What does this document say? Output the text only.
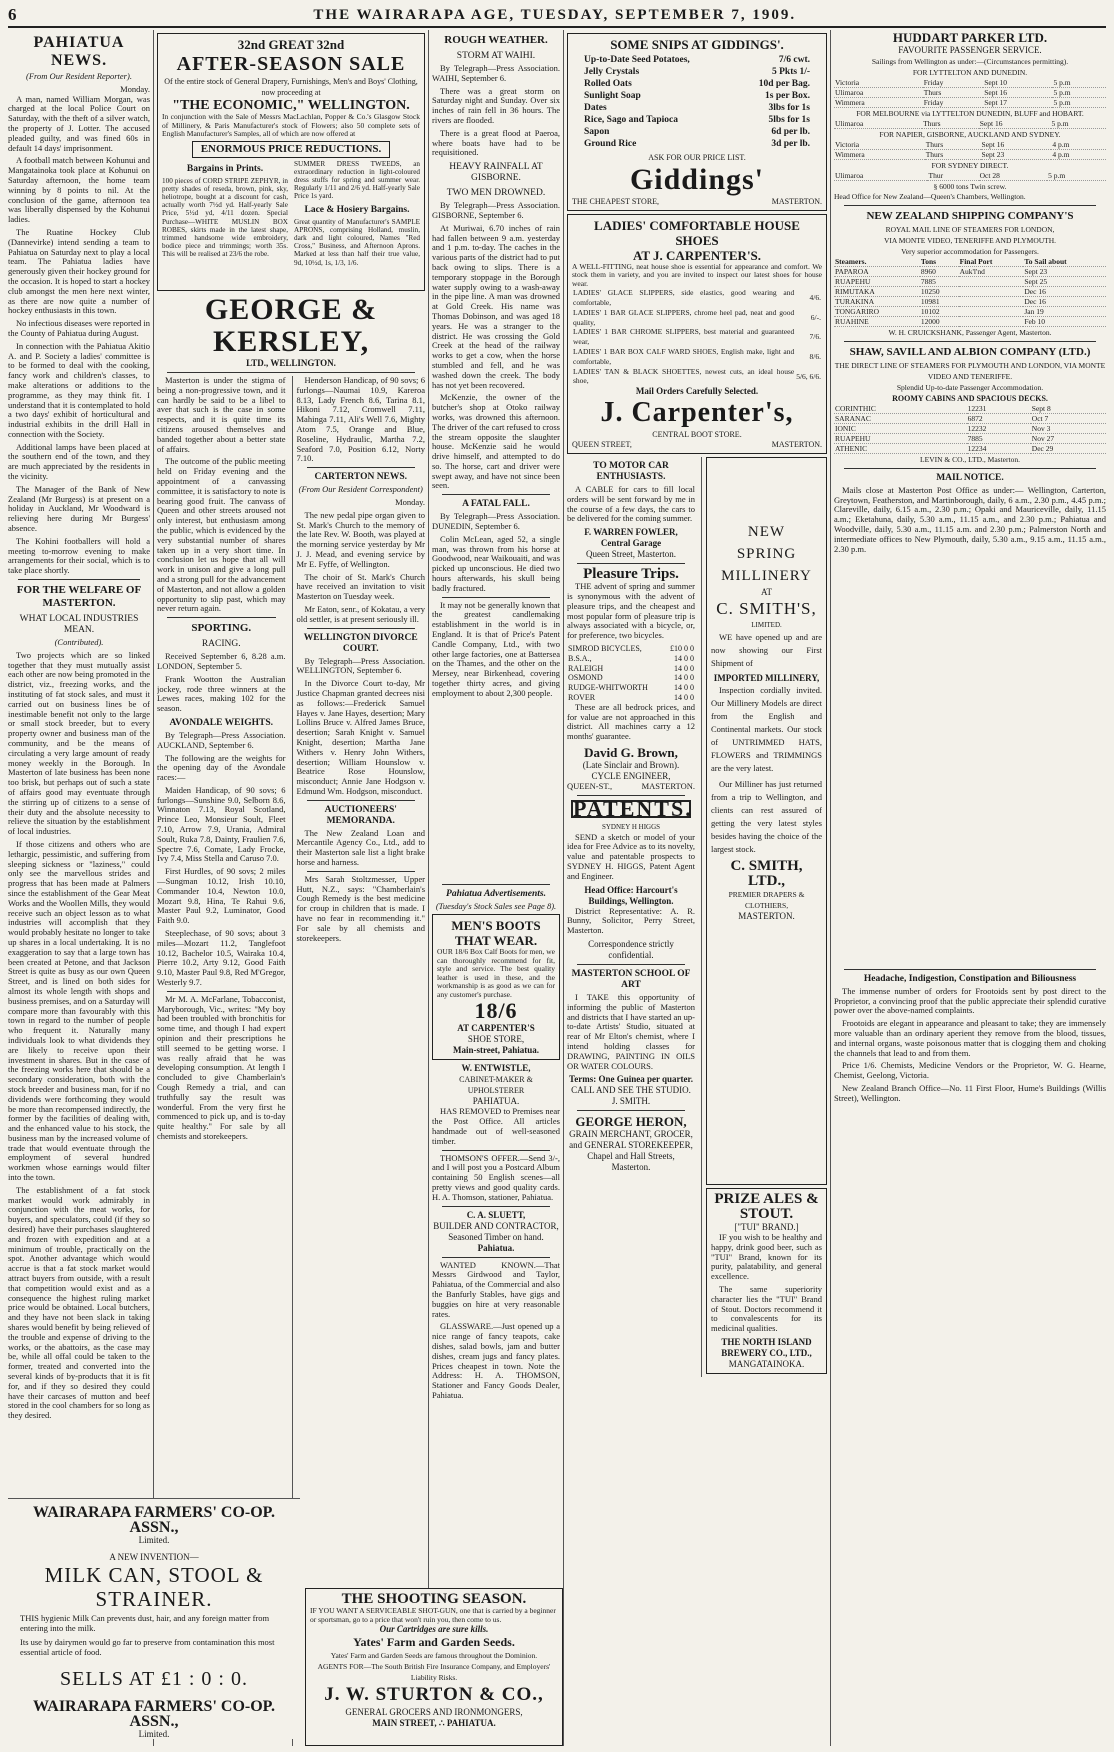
6	THE WAIRARAPA AGE, TUESDAY, SEPTEMBER 7, 1909.
PAHIATUA NEWS.
(From Our Resident Reporter).
Monday.

A man, named William Morgan, was charged at the local Police Court on Saturday, with the theft of a silver watch, the property of J. Lotter. The accused pleaded guilty, and was fined 60s in default 14 days' imprisonment.

A football match between Kohunui and Mangatainoka took place at Kohunui on Saturday afternoon, the home team winning by 8 points to nil. At the conclusion of the game, afternoon tea was liberally dispensed by the Kohunui ladies.

The Ruatine Hockey Club (Dannevirke) intend sending a team to Pahiatua on Saturday next to play a local team. The Pahiatua ladies have generously given their hockey ground for the occasion. It is hoped to start a hockey club amongst the men here next winter, as there are now quite a number of hockey enthusiasts in this town.

No infectious diseases were reported in the County of Pahiatua during August.

In connection with the Pahiatua Akitio A. and P. Society a ladies' committee is to be formed to deal with the cooking, fancy work and children's classes, to make alterations or additions to the programme, as they may think fit. I understand that it is contemplated to hold a two days' exhibit of horticultural and industrial exhibits in the drill Hall in connection with the Society.

Additional lamps have been placed at the southern end of the town, and they are much appreciated by the residents in the vicinity.

The Manager of the Bank of New Zealand (Mr Burgess) is at present on a holiday in Auckland, Mr Woodward is relieving here during Mr Burgess' absence.

The Kohini footballers will hold a meeting to-morrow evening to make arrangements for their social, which is to take place shortly.

FOR THE WELFARE OF MASTERTON.
WHAT LOCAL INDUSTRIES MEAN.
(Contributed).

Two projects which are so linked together that they must mutually assist each other are now being promoted in the district, viz., freezing works, and the instituting of fat stock sales, and must it carried out on business lines be of inestimable benefit not only to the large or small stock breeder, but to every property owner and business man of the community, and be the means of circulating a very large amount of ready money weekly in the Borough. In Masterton of late business has been none too brisk, but perhaps out of such a state of affairs good may eventuate through the stirring up of citizens to a sense of their duty and the absolute necessity to relieve the situation by the establishment of local industries.

If those citizens and others who are lethargic, pessimistic, and suffering from sleeping sickness or "laziness," could only see the marvellous strides and progress that has been made at Palmers since the establishment of the Gear Meat Works and the Woollen Mills, they would receive such an object lesson as to what industries will accomplish that they would probably hesitate no longer to take up shares in a local undertaking. It is no exaggeration to say that a large town has been created at Petone, and that Jackson Street is quite as busy as our own Queen Street, and is lined on both sides for almost its whole length with shops and business premises, and on a Saturday will compare more than favourably with this town in regard to the number of people who frequent it. Naturally many individuals look to what dividends they are likely to receive upon their investment in shares. But in the case of the freezing works here that should be a secondary consideration, both with the stock breeder and business man, for if no dividends were forthcoming they would be more than recompensed indirectly, the former by the facilities of dealing with, and the enhanced value to his stock, the business man by the increased volume of trade that would eventuate through the employment of several hundred workmen whose earnings would filter into the town.

The establishment of a fat stock market would work admirably in conjunction with the meat works, for buyers, and speculators, could (if they so desired) have their purchases slaughtered and frozen with expedition and at a minimum of trouble, practically on the spot. Another advantage which would accrue is that a fat stock market would attract buyers from outside, with a result that competition would exist and as a consequence the highest ruling market price would be obtained. Local butchers, and they have not been slack in taking shares would benefit by being relieved of the trouble and expense of driving to the works, or the abattoirs, as the case may be, while all offal could be taken to the former, treated and converted into the several kinds of by-products that it is fit for, and if they so desired they could have their carcases of mutton and beef stored in the cool chambers for so long as they desired.

32nd GREAT 32nd
AFTER-SEASON SALE
Of the entire stock of General Drapery, Furnishings, Men's and Boys' Clothing, now proceeding at
"THE ECONOMIC," WELLINGTON.
In conjunction with the Sale of Messrs MacLachlan, Popper & Co.'s Glasgow Stock of Millinery, & Paris Manufacturer's stock of Flowers; also 50 complete sets of English Manufacturer's Samples, all of which are now offered at
ENORMOUS PRICE REDUCTIONS.
Bargains in Prints.
100 pieces of CORD STRIPE ZEPHYR, in pretty shades of reseda, brown, pink, sky, heliotrope, bought at a discount for cash, actually worth 7½d yd. Half-yearly Sale Price, 5½d yd, 4/11 dozen. Special Purchase—WHITE MUSLIN BOX ROBES, skirts made in the latest shape, trimmed handsome wide embroidery, bodice piece and trimmings; worth 35s. This will be realised at 23/6 the robe.
SUMMER DRESS TWEEDS, an extraordinary reduction in light-coloured dress stuffs for spring and summer wear. Regularly 1/11 and 2/6 yd. Half-yearly Sale Price 1s yard.
Lace & Hosiery Bargains.
Great quantity of Manufacturer's SAMPLE APRONS, comprising Holland, muslin, dark and light coloured, Names "Red Cross," Business, and Afternoon Aprons. Marked at less than half their true value, 9d, 10½d, 1s, 1/3, 1/6.
GEORGE & KERSLEY,
LTD., WELLINGTON.

Masterton is under the stigma of being a non-progressive town, and it can hardly be said to be a libel to aver that such is the case in some respects, and it is quite time its citizens aroused themselves and banded together about a better state of affairs.

The outcome of the public meeting held on Friday evening and the appointment of a canvassing committee, it is satisfactory to note is bearing good fruit. The canvass of Queen and other streets aroused not only interest, but enthusiasm among the public, which is evidenced by the very substantial number of shares taken up in a very short time. In conclusion let us hope that all will work in unison and give a long pull and a strong pull for the advancement of Masterton, and not allow a golden opportunity to slip past, which may never return again.

SPORTING.
RACING.

Received September 6, 8.28 a.m. LONDON, September 5.

Frank Wootton the Australian jockey, rode three winners at the Lewes races, making 102 for the season.

AVONDALE WEIGHTS.

By Telegraph—Press Association. AUCKLAND, September 6.

The following are the weights for the opening day of the Avondale races:—

Maiden Handicap, of 90 sovs; 6 furlongs—Sunshine 9.0, Selborn 8.6, Winnaton 7.13, Royal Scotland, Prince Leo, Monsieur Soult, Fleet 7.10, Arrow 7.9, Urania, Admiral Soult, Ruka 7.8, Dainty, Fraulien 7.6, Spectre 7.6, Comate, Lady Frocke, Ivy 7.4, Miss Stella and Caruso 7.0.

First Hurdles, of 90 sovs; 2 miles—Sungman 10.12, Irish 10.10, Commander 10.4, Newton 10.0, Mozart 9.8, Hina, Te Rahui 9.6, Master Paul 9.2, Luminator, Good Faith 9.0.

Steeplechase, of 90 sovs; about 3 miles—Mozart 11.2, Tanglefoot 10.12, Bachelor 10.5, Wairaka 10.4, Pierre 10.2, Arty 9.12, Good Faith 9.10, Master Paul 9.8, Red M'Gregor, Westerly 9.7.

Mr M. A. McFarlane, Tobacconist, Maryborough, Vic., writes: "My boy had been troubled with bronchitis for some time, and though I had expert opinion and their prescriptions he still seemed to be getting worse. I was really afraid that he was developing consumption. At length I concluded to give Chamberlain's Cough Remedy a trial, and can truthfully say the result was wonderful. From the very first he commenced to pick up, and is to-day quite healthy." For sale by all chemists and storekeepers.

Henderson Handicap, of 90 sovs; 6 furlongs—Naumai 10.9, Kareroa 8.13, Lady French 8.6, Tarina 8.1, Hikoni 7.12, Cromwell 7.11, Mahinga 7.11, Ali's Well 7.6, Mighty Atom 7.5, Orange and Blue, Roseline, Hydraulic, Martha 7.2, Seaford 7.0, Position 6.12, Norty 7.10.

CARTERTON NEWS.
(From Our Resident Correspondent)

Monday.

The new pedal pipe organ given to St. Mark's Church to the memory of the late Rev. W. Booth, was played at the morning service yesterday by Mr J. J. Mead, and evening service by Mr E. Fyffe, of Wellington.

The choir of St. Mark's Church have received an invitation to visit Masterton on Tuesday week.

Mr Eaton, senr., of Kokatau, a very old settler, is at present seriously ill.

WELLINGTON DIVORCE COURT.

By Telegraph—Press Association. WELLINGTON, September 6.

In the Divorce Court to-day, Mr Justice Chapman granted decrees nisi as follows:—Frederick Samuel Hayes v. Jane Hayes, desertion; Mary Lollins Bruce v. Alfred James Bruce, desertion; Sarah Knight v. Samuel Knight, desertion; Martha Jane Withers v. Henry John Withers, desertion; William Hounslow v. Beatrice Rose Hounslow, misconduct; Annie Jane Hodgson v. Edmund Wm. Hodgson, misconduct.

AUCTIONEERS' MEMORANDA.

The New Zealand Loan and Mercantile Agency Co., Ltd., add to their Masterton sale list a light brake horse and harness.

Mrs Sarah Stoltzmesser, Upper Hutt, N.Z., says: "Chamberlain's Cough Remedy is the best medicine for croup in children that is made. I have no fear in recommending it." For sale by all chemists and storekeepers.

ROUGH WEATHER.
STORM AT WAIHI.

By Telegraph—Press Association. WAIHI, September 6.

There was a great storm on Saturday night and Sunday. Over six inches of rain fell in 36 hours. The rivers are flooded.

There is a great flood at Paeroa, where boats have had to be requisitioned.

HEAVY RAINFALL AT GISBORNE.
TWO MEN DROWNED.

By Telegraph—Press Association. GISBORNE, September 6.

At Muriwai, 6.70 inches of rain had fallen between 9 a.m. yesterday and 1 p.m. to-day. The caches in the various parts of the district had to put back owing to slips. There is a temporary stoppage in the Borough water supply owing to a wash-away in the pipe line. A man was drowned at Gold Creek. His name was Thomas Dobinson, and was aged 18 years. He was a stranger to the district. He was crossing the Gold Creek at the head of the railway works to get a cow, when the horse stumbled and fell, and he was washed down the creek. The body has not yet been recovered.

McKenzie, the owner of the butcher's shop at Otoko railway works, was drowned this afternoon. The driver of the cart refused to cross the stream opposite the slaughter house. McKenzie said he would drive himself, and attempted to do so. The horse, cart and driver were swept away, and have not since been seen.

A FATAL FALL.

By Telegraph—Press Association. DUNEDIN, September 6.

Colin McLean, aged 52, a single man, was thrown from his horse at Goodwood, near Waikouaiti, and was picked up unconscious. He died two hours afterwards, his skull being badly fractured.

It may not be generally known that the greatest candlemaking establishment in the world is in England. It is that of Price's Patent Candle Company, Ltd., with two other large factories, one at Battersea on the Thames, and the other on the Mersey, near Birkenhead, covering together thirty acres, and giving employment to about 2,300 people.

Pahiatua Advertisements.
(Tuesday's Stock Sales see Page 8).
MEN'S BOOTS THAT WEAR.
OUR 18/6 Box Calf Boots for men, we can thoroughly recommend for fit, style and service. The best quality leather is used in these, and the workmanship is as good as we can for any customer's purchase.
18/6
AT CARPENTER'S
SHOE STORE,
Main-street, Pahiatua.
W. ENTWISTLE,
CABINET-MAKER & UPHOLSTERER
PAHIATUA.

HAS REMOVED to Premises near the Post Office. All articles handmade out of well-seasoned timber.

THOMSON'S OFFER.—Send 3/-, and I will post you a Postcard Album containing 50 English scenes—all pretty views and good quality cards. H. A. Thomson, stationer, Pahiatua.

C. A. SLUETT,
BUILDER AND CONTRACTOR,
Seasoned Timber on hand.
Pahiatua.

WANTED KNOWN.—That Messrs Girdwood and Taylor, Pahiatua, of the Commercial and also the Banfurly Stables, have gigs and buggies on hire at very reasonable rates.

GLASSWARE.—Just opened up a nice range of fancy teapots, cake dishes, salad bowls, jam and butter dishes, cream jugs and fancy plates. Prices cheapest in town. Note the Address: H. A. THOMSON, Stationer and Fancy Goods Dealer, Pahiatua.

THE SHOOTING SEASON.
IF YOU WANT A SERVICEABLE SHOT-GUN, one that is carried by a beginner or sportsman, go to a price that won't ruin you, then come to us.
Our Cartridges are sure kills.
Yates' Farm and Garden Seeds.
Yates' Farm and Garden Seeds are famous throughout the Dominion.
AGENTS FOR—The South British Fire Insurance Company, and Employers' Liability Risks.
J. W. STURTON & CO.,
GENERAL GROCERS AND IRONMONGERS,
MAIN STREET, ∴ PAHIATUA.
SOME SNIPS AT GIDDINGS'.
Up-to-Date Seed Potatoes,	7/6 cwt.
Jelly Crystals	5 Pkts 1/-
Rolled Oats	10d per Bag.
Sunlight Soap	1s per Box.
Dates	3lbs for 1s
Rice, Sago and Tapioca	5lbs for 1s
Sapon	6d per lb.
Ground Rice	3d per lb.
ASK FOR OUR PRICE LIST.
Giddings'
THE CHEAPEST STORE,	MASTERTON.
LADIES' COMFORTABLE HOUSE SHOES
AT J. CARPENTER'S.
A WELL-FITTING, neat house shoe is essential for appearance and comfort. We stock them in variety, and you are invited to inspect our latest shoes for house wear.
LADIES' GLACE SLIPPERS, side elastics, good wearing and comfortable,	4/6.
LADIES' 1 BAR GLACE SLIPPERS, chrome heel pad, neat and good quality,	6/-.
LADIES' 1 BAR CHROME SLIPPERS, best material and guaranteed wear,	7/6.
LADIES' 1 BAR BOX CALF WARD SHOES, English make, light and comfortable,	8/6.
LADIES' TAN & BLACK SHOETTES, newest cuts, an ideal house shoe,	5/6, 6/6.
Mail Orders Carefully Selected.
J. Carpenter's,
CENTRAL BOOT STORE.
QUEEN STREET,	MASTERTON.
TO MOTOR CAR ENTHUSIASTS.

A CABLE for cars to fill local orders will be sent forward by me in the course of a few days, the cars to be delivered for the coming summer.

F. WARREN FOWLER,
Central Garage
Queen Street, Masterton.
Pleasure Trips.

THE advent of spring and summer is synonymous with the advent of pleasure trips, and the cheapest and most popular form of pleasure trip is always associated with a bicycle, or, for preference, two bicycles.

SIMROD BICYCLES,	£10 0 0
B.S.A.,	14 0 0
RALEIGH	14 0 0
OSMOND	14 0 0
RUDGE-WHITWORTH	14 0 0
ROVER	14 0 0

These are all bedrock prices, and for value are not approached in this district. All machines carry a 12 months' guarantee.

David G. Brown,
(Late Sinclair and Brown).
CYCLE ENGINEER,
QUEEN-ST.,	MASTERTON.
PATENTS.
SYDNEY H HIGGS

SEND a sketch or model of your idea for Free Advice as to its novelty, value and patentable prospects to SYDNEY H. HIGGS, Patent Agent and Engineer.

Head Office: Harcourt's Buildings, Wellington.

District Representative: A. R. Bunny, Solicitor, Perry Street, Masterton.

Correspondence strictly confidential.
MASTERTON SCHOOL OF ART

I TAKE this opportunity of informing the public of Masterton and districts that I have started an up-to-date Artists' Studio, situated at rear of Mr Elton's chemist, where I intend holding classes for DRAWING, PAINTING IN OILS OR WATER COLOURS.

Terms: One Guinea per quarter.
CALL AND SEE THE STUDIO.
J. SMITH.
GEORGE HERON,
GRAIN MERCHANT, GROCER, and GENERAL STOREKEEPER,
Chapel and Hall Streets,
Masterton.
NEW
SPRING
MILLINERY
AT
C. SMITH'S,
LIMITED.

WE have opened up and are now showing our First Shipment of

IMPORTED MILLINERY,

Inspection cordially invited. Our Millinery Models are direct from the English and Continental markets. Our stock of UNTRIMMED HATS, FLOWERS and TRIMMINGS are the very latest.

Our Milliner has just returned from a trip to Wellington, and clients can rest assured of getting the very latest styles besides having the choice of the largest stock.

C. SMITH, LTD.,
PREMIER DRAPERS & CLOTHIERS,
MASTERTON.
PRIZE ALES & STOUT.
["TUI" BRAND.]

IF you wish to be healthy and happy, drink good beer, such as "TUI" Brand, known for its purity, palatability, and general excellence.

The same superiority character lies the "TUI" Brand of Stout. Doctors recommend it to convalescents for its medicinal qualities.

THE NORTH ISLAND BREWERY CO., LTD.,
MANGATAINOKA.
HUDDART PARKER LTD.
FAVOURITE PASSENGER SERVICE.
Sailings from Wellington as under:—(Circumstances permitting).
FOR LYTTELTON AND DUNEDIN.
Victoria	Friday	Sept 10	5 p.m
Ulimaroa	Thurs	Sept 16	5 p.m
Wimmera	Friday	Sept 17	5 p.m
FOR MELBOURNE via LYTTELTON DUNEDIN, BLUFF and HOBART.
Ulimaroa	Thurs	Sept 16	5 p.m
FOR NAPIER, GISBORNE, AUCKLAND AND SYDNEY.
Victoria	Thurs	Sept 16	4 p.m
Wimmera	Thurs	Sept 23	4 p.m
FOR SYDNEY DIRECT.
Ulimaroa	Thur	Oct 28	5 p.m
§ 6000 tons Twin screw.
Head Office for New Zealand—Queen's Chambers, Wellington.
NEW ZEALAND SHIPPING COMPANY'S
ROYAL MAIL LINE OF STEAMERS FOR LONDON,
VIA MONTE VIDEO, TENERIFFE AND PLYMOUTH.
Very superior accommodation for Passengers.
Steamers.	Tons	Final Port	To Sail about
PAPAROA	8960	Auk'l'nd	Sept 23
RUAPEHU	7885		Sept 25
RIMUTAKA	10250		Dec 16
TURAKINA	10981		Dec 16
TONGARIRO	10102		Jan 19
RUAHINE	12000		Feb 10
W. H. CRUICKSHANK, Passenger Agent, Masterton.
SHAW, SAVILL AND ALBION COMPANY (LTD.)
THE DIRECT LINE OF STEAMERS FOR PLYMOUTH AND LONDON, VIA MONTE VIDEO AND TENERIFFE.
Splendid Up-to-date Passenger Accommodation.
ROOMY CABINS AND SPACIOUS DECKS.
CORINTHIC	12231	Sept 8
SARANAC	6872	Oct 7
IONIC	12232	Nov 3
RUAPEHU	7885	Nov 27
ATHENIC	12234	Dec 29
LEVIN & CO., LTD., Masterton.
MAIL NOTICE.

Mails close at Masterton Post Office as under:— Wellington, Carterton, Greytown, Featherston, and Martinborough, daily, 6 a.m., 2.30 p.m., 4.45 p.m.; Clareville, daily, 6.15 a.m., 2.30 p.m.; Opaki and Mauriceville, daily, 11.15 a.m.; Eketahuna, daily, 5.30 a.m., 11.15 a.m., and 2.30 p.m.; Pahiatua and Woodville, daily, 5.30 a.m., 11.15 a.m. and 2.30 p.m.; Palmerston North and intermediate offices to New Plymouth, daily, 5.30 a.m., 9.15 a.m., 11.15 a.m., 2.30 p.m.

Headache, Indigestion, Constipation and Biliousness

The immense number of orders for Frootoids sent by post direct to the Proprietor, a convincing proof that the public appreciate their splendid curative power over the above-named complaints.

Frootoids are elegant in appearance and pleasant to take; they are immensely more valuable than an ordinary aperient they remove from the blood, tissues, and internal organs, waste poisonous matter that is clogging them and choking the channels that lead to and from them.

Price 1/6. Chemists, Medicine Vendors or the Proprietor, W. G. Hearne, Chemist, Geelong, Victoria.

New Zealand Branch Office—No. 11 First Floor, Hume's Buildings (Willis Street), Wellington.

WAIRARAPA FARMERS' CO-OP. ASSN.,
Limited.
A NEW INVENTION—
MILK CAN, STOOL & STRAINER.
THIS hygienic Milk Can prevents dust, hair, and any foreign matter from entering into the milk.
Its use by dairymen would go far to preserve from contamination this most essential article of food.
SELLS AT £1 : 0 : 0.
WAIRARAPA FARMERS' CO-OP. ASSN.,
Limited.
